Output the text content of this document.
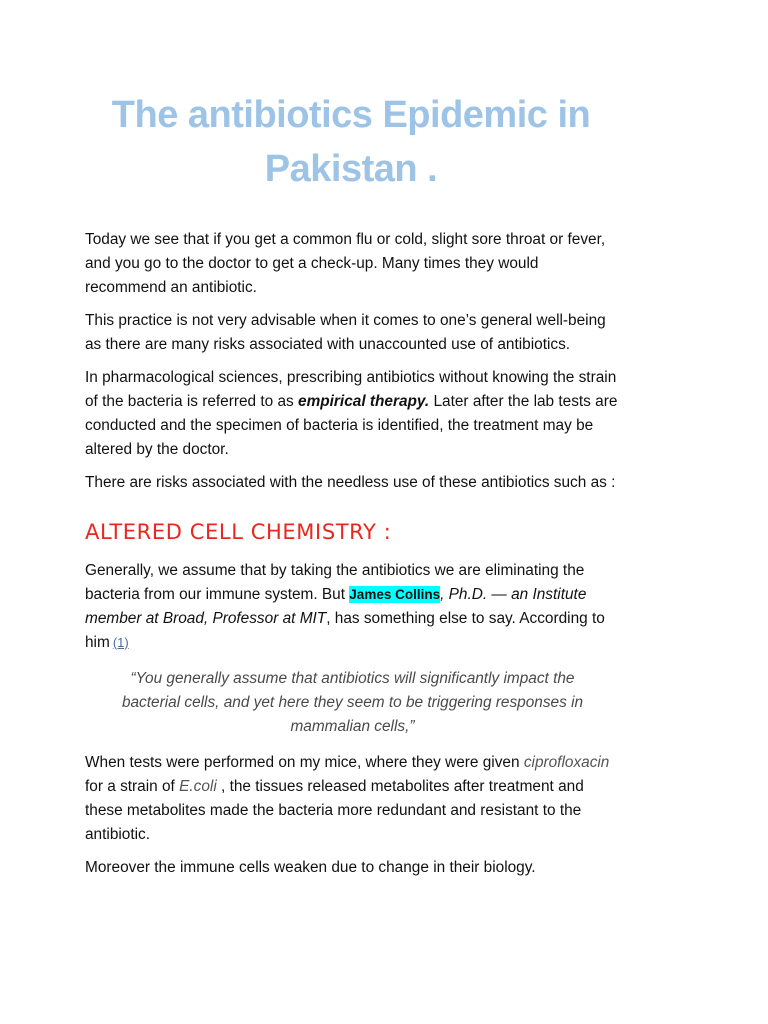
The antibiotics Epidemic in
Pakistan .

Today we see that if you get a common flu or cold, slight sore throat or fever, and you go to the doctor to get a check-up. Many times they would recommend an antibiotic.

This practice is not very advisable when it comes to one’s general well-being as there are many risks associated with unaccounted use of antibiotics.

In pharmacological sciences, prescribing antibiotics without knowing the strain of the bacteria is referred to as empirical therapy. Later after the lab tests are conducted and the specimen of bacteria is identified, the treatment may be altered by the doctor.

There are risks associated with the needless use of these antibiotics such as :

ALTERED CELL CHEMISTRY :

Generally, we assume that by taking the antibiotics we are eliminating the bacteria from our immune system. But James Collins, Ph.D. — an Institute member at Broad, Professor at MIT, has something else to say. According to him (1)

“You generally assume that antibiotics will significantly impact the bacterial cells, and yet here they seem to be triggering responses in mammalian cells,”

When tests were performed on my mice, where they were given ciprofloxacin for a strain of E.coli , the tissues released metabolites after treatment and these metabolites made the bacteria more redundant and resistant to the antibiotic.

Moreover the immune cells weaken due to change in their biology.
